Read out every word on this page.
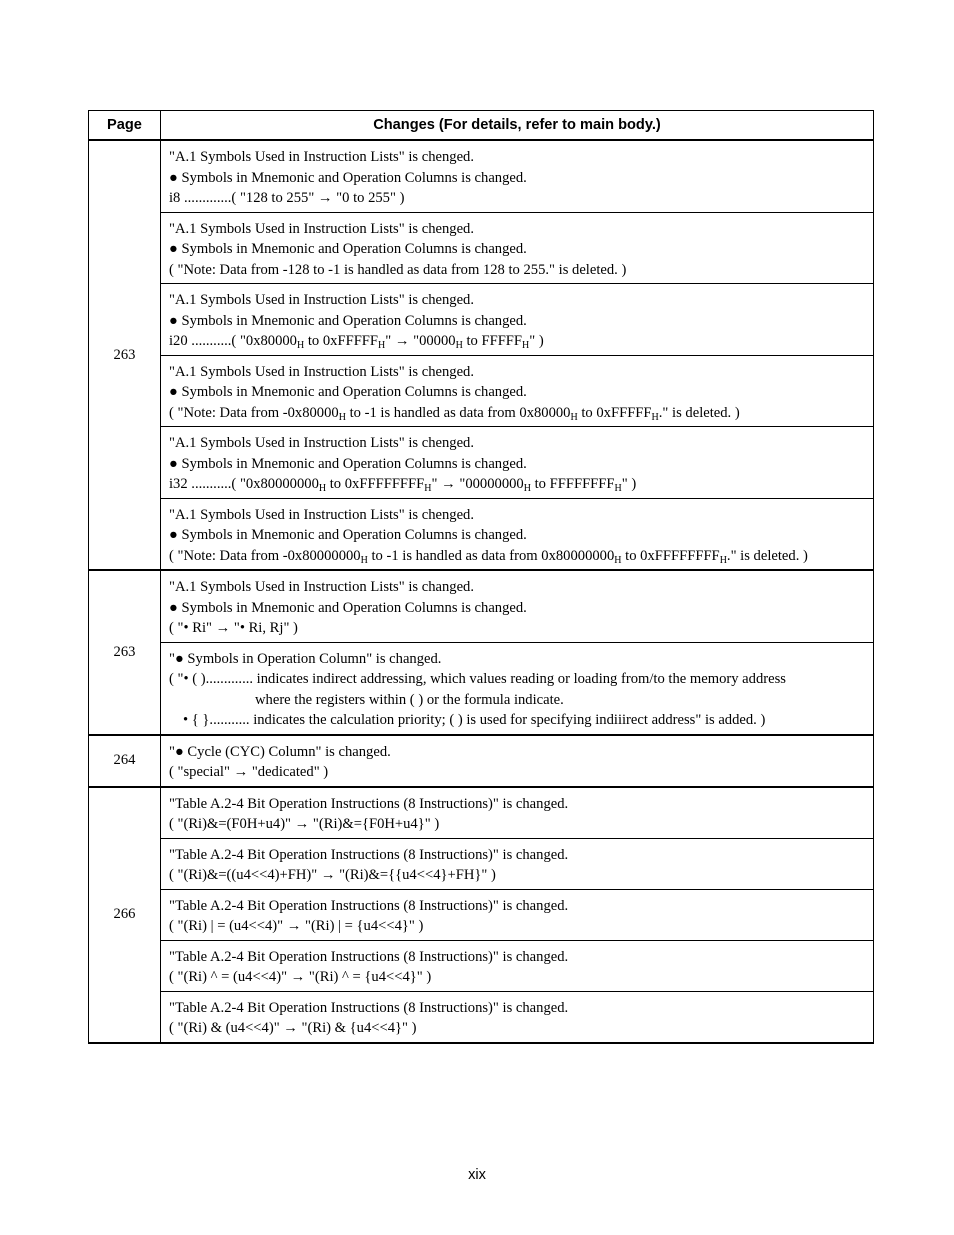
Page	Changes (For details, refer to main body.)
263	"A.1 Symbols Used in Instruction Lists" is chenged.
● Symbols in Mnemonic and Operation Columns is changed.
i8 .............( "128 to 255" → "0 to 255" )

	"A.1 Symbols Used in Instruction Lists" is chenged.
● Symbols in Mnemonic and Operation Columns is changed.
( "Note: Data from -128 to -1 is handled as data from 128 to 255." is deleted. )

	"A.1 Symbols Used in Instruction Lists" is chenged.
● Symbols in Mnemonic and Operation Columns is changed.
i20 ...........( "$0x80000_H$ to 0xFFFFF$_H$" → "$00000_H$ to $FFFFF_H$" )

	"A.1 Symbols Used in Instruction Lists" is chenged.
● Symbols in Mnemonic and Operation Columns is changed.
( "Note: Data from $-0x80000_H$ to -1 is handled as data from $0x80000_H$ to 0xFFFFF$_H$." is deleted. )

	"A.1 Symbols Used in Instruction Lists" is chenged.
● Symbols in Mnemonic and Operation Columns is changed.
i32 ...........( "$0x80000000_H$ to 0xFFFFFFFF$_H$" → "$00000000_H$ to $FFFFFFFF_H$" )

	"A.1 Symbols Used in Instruction Lists" is chenged.
● Symbols in Mnemonic and Operation Columns is changed.
( "Note: Data from $-0x80000000_H$ to -1 is handled as data from $0x80000000_H$ to 0xFFFFFFFF$_H$." is deleted. )

263	"A.1 Symbols Used in Instruction Lists" is changed.
● Symbols in Mnemonic and Operation Columns is changed.
( "• Ri" → "• Ri, Rj" )

	"● Symbols in Operation Column" is changed.
( "• ( )............. indicates indirect addressing, which values reading or loading from/to the memory address
where the registers within ( ) or the formula indicate.
• { }........... indicates the calculation priority; ( ) is used for specifying indiiirect address" is added. )

264	"● Cycle (CYC) Column" is changed.
( "special" → "dedicated" )

266	"Table A.2-4 Bit Operation Instructions (8 Instructions)" is changed.
( "(Ri)&=(F0H+u4)" → "(Ri)&={F0H+u4}" )

	"Table A.2-4 Bit Operation Instructions (8 Instructions)" is changed.
( "(Ri)&=((u4<<4)+FH)" → "(Ri)&={{u4<<4}+FH}" )

	"Table A.2-4 Bit Operation Instructions (8 Instructions)" is changed.
( "(Ri) | = (u4<<4)" → "(Ri) | = {u4<<4}" )

	"Table A.2-4 Bit Operation Instructions (8 Instructions)" is changed.
( "(Ri) ^ = (u4<<4)" → "(Ri) ^ = {u4<<4}" )

	"Table A.2-4 Bit Operation Instructions (8 Instructions)" is changed.
( "(Ri) & (u4<<4)" → "(Ri) & {u4<<4}" )
xix
